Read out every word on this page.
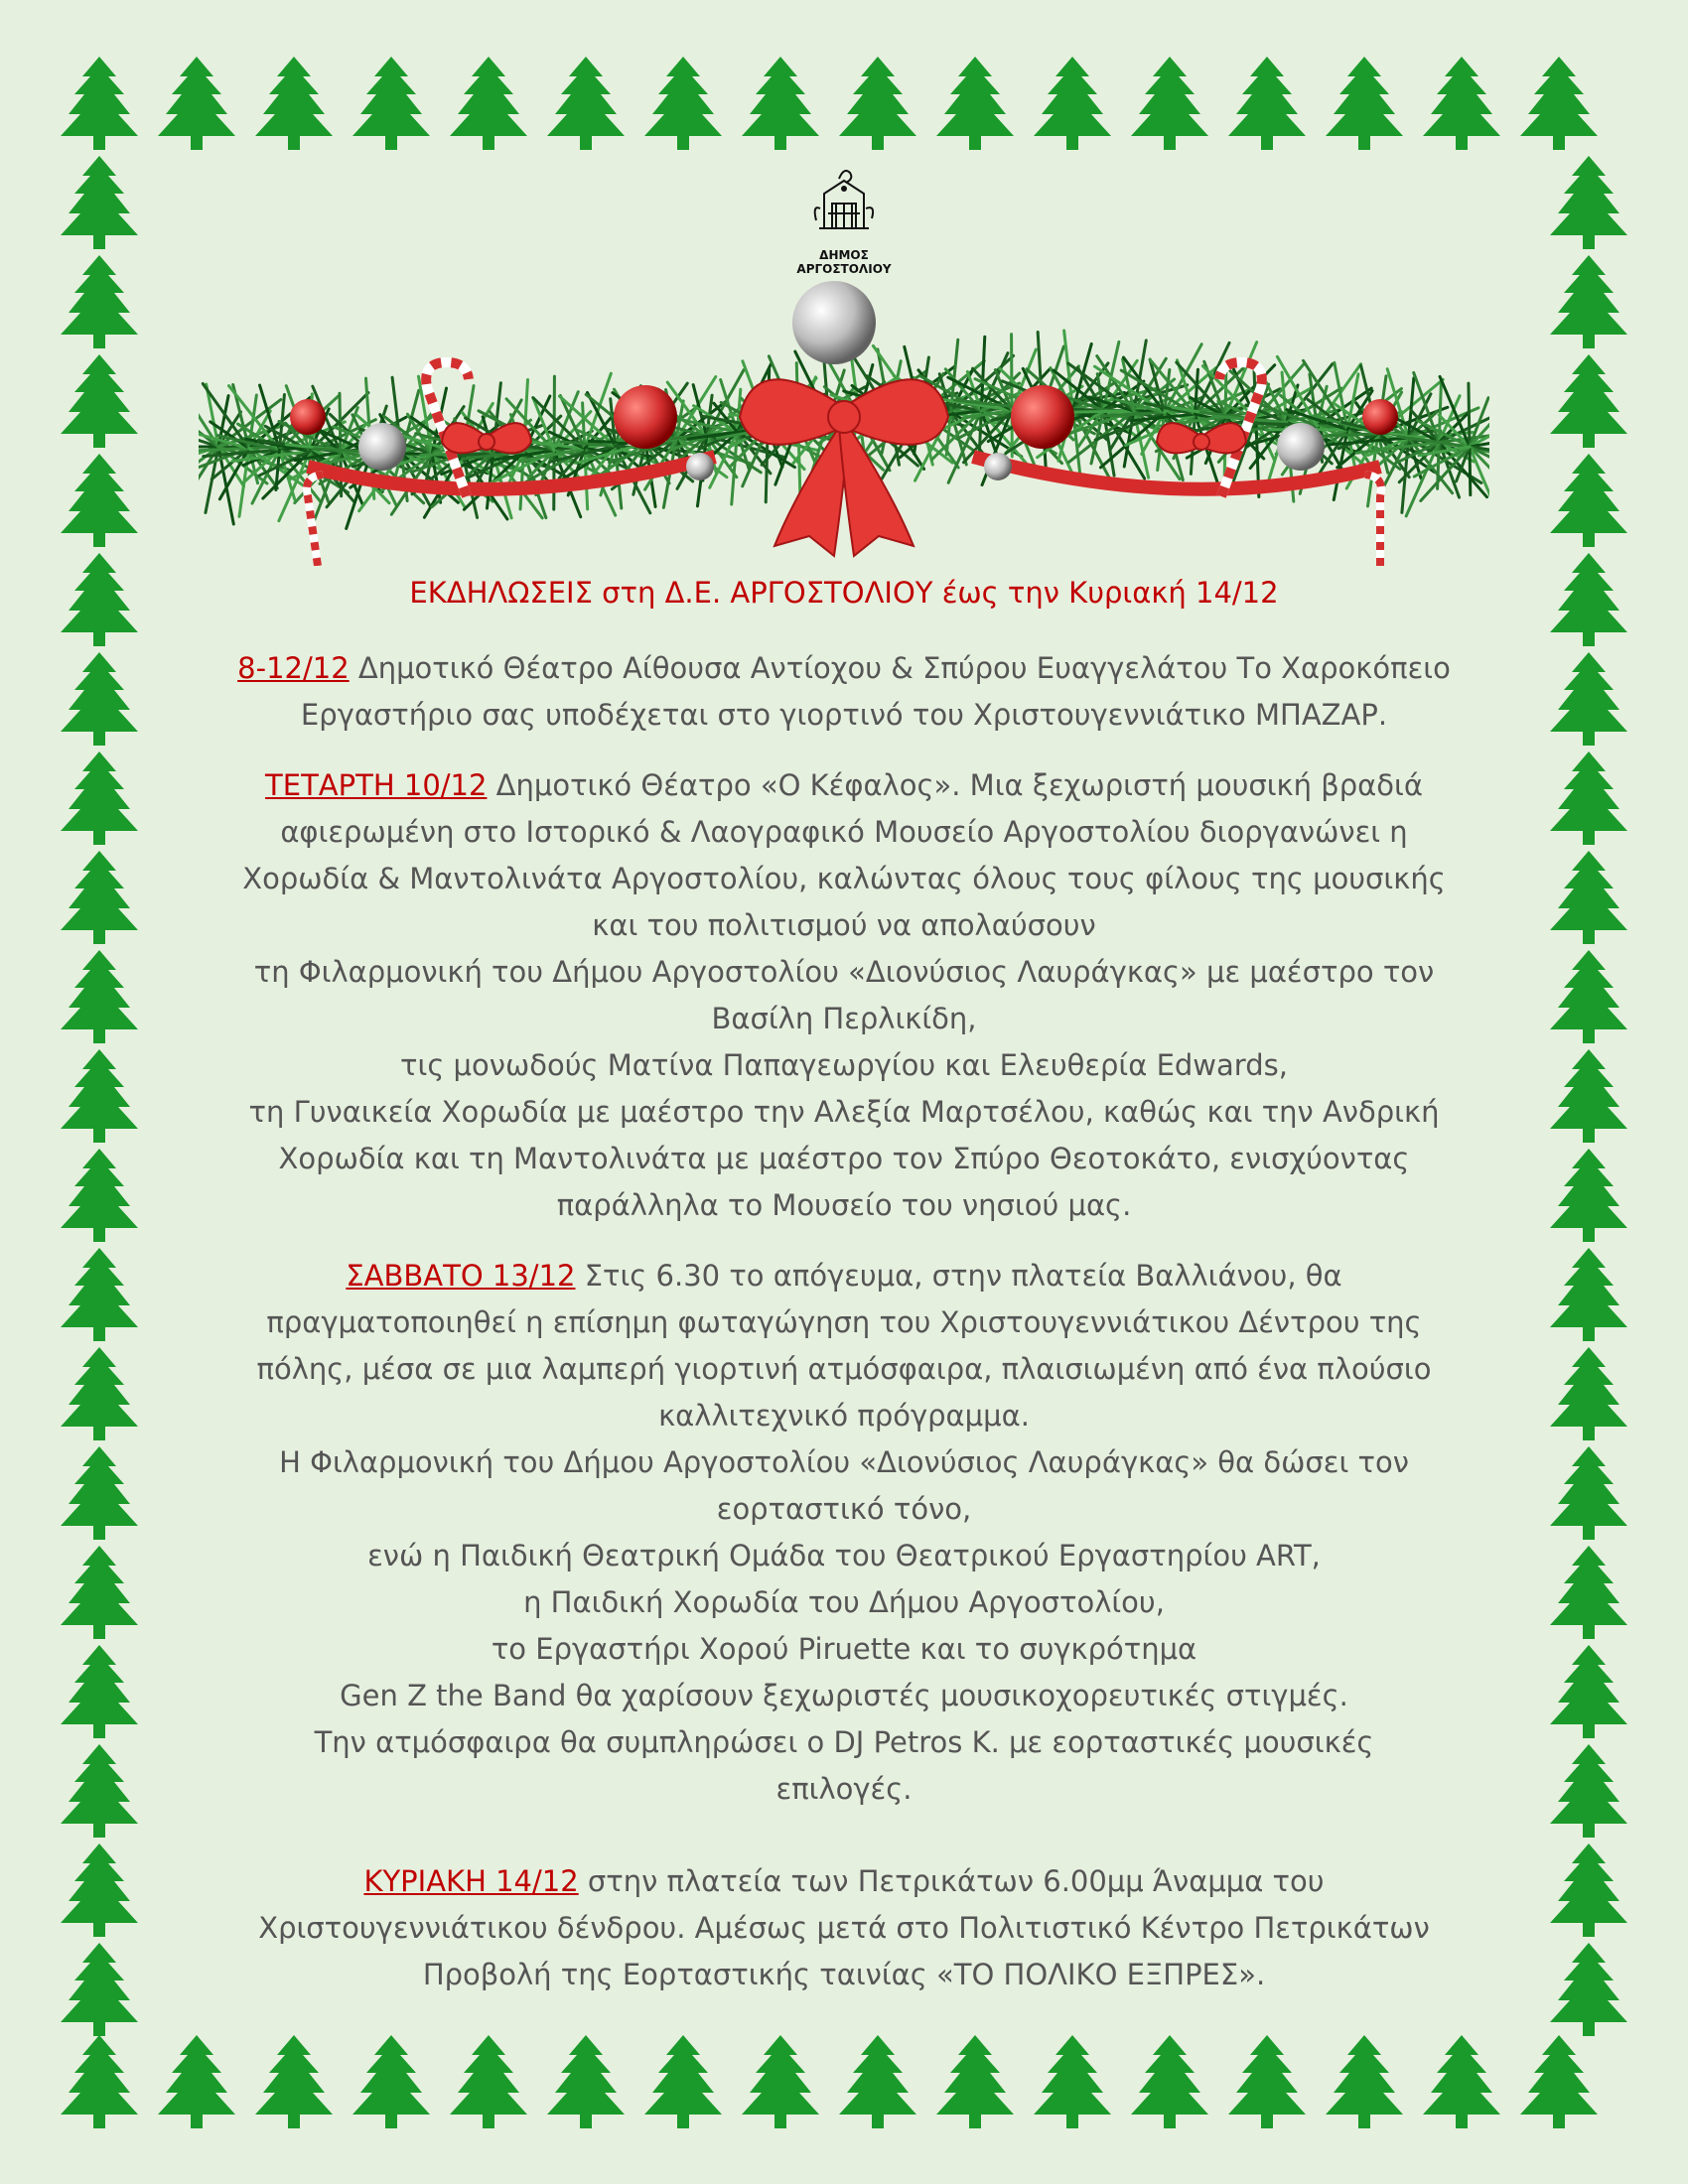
ΔΗΜΟΣ
ΑΡΓΟΣΤΟΛΙΟΥ
ΕΚΔΗΛΩΣΕΙΣ στη Δ.Ε. ΑΡΓΟΣΤΟΛΙΟΥ έως την Κυριακή 14/12

8-12/12 Δημοτικό Θέατρο Αίθουσα Αντίοχου & Σπύρου Ευαγγελάτου Το Χαροκόπειο
Εργαστήριο σας υποδέχεται στο γιορτινό του Χριστουγεννιάτικο ΜΠΑΖΑΡ.

ΤΕΤΑΡΤΗ 10/12 Δημοτικό Θέατρο «Ο Κέφαλος». Μια ξεχωριστή μουσική βραδιά
αφιερωμένη στο Ιστορικό & Λαογραφικό Μουσείο Αργοστολίου διοργανώνει η
Χορωδία & Μαντολινάτα Αργοστολίου, καλώντας όλους τους φίλους της μουσικής
και του πολιτισμού να απολαύσουν
τη Φιλαρμονική του Δήμου Αργοστολίου «Διονύσιος Λαυράγκας» με μαέστρο τον
Βασίλη Περλικίδη,
τις μονωδούς Ματίνα Παπαγεωργίου και Ελευθερία Edwards,
τη Γυναικεία Χορωδία με μαέστρο την Αλεξία Μαρτσέλου, καθώς και την Ανδρική
Χορωδία και τη Μαντολινάτα με μαέστρο τον Σπύρο Θεοτοκάτο, ενισχύοντας
παράλληλα το Μουσείο του νησιού μας.

ΣΑΒΒΑΤΟ 13/12 Στις 6.30 το απόγευμα, στην πλατεία Βαλλιάνου, θα
πραγματοποιηθεί η επίσημη φωταγώγηση του Χριστουγεννιάτικου Δέντρου της
πόλης, μέσα σε μια λαμπερή γιορτινή ατμόσφαιρα, πλαισιωμένη από ένα πλούσιο
καλλιτεχνικό πρόγραμμα.
Η Φιλαρμονική του Δήμου Αργοστολίου «Διονύσιος Λαυράγκας» θα δώσει τον
εορταστικό τόνο,
ενώ η Παιδική Θεατρική Ομάδα του Θεατρικού Εργαστηρίου ART,
η Παιδική Χορωδία του Δήμου Αργοστολίου,
το Εργαστήρι Χορού Piruette και το συγκρότημα
Gen Z the Band θα χαρίσουν ξεχωριστές μουσικοχορευτικές στιγμές.
Την ατμόσφαιρα θα συμπληρώσει ο DJ Petros K. με εορταστικές μουσικές
επιλογές.

ΚΥΡΙΑΚΗ 14/12 στην πλατεία των Πετρικάτων 6.00μμ Άναμμα του
Χριστουγεννιάτικου δένδρου. Αμέσως μετά στο Πολιτιστικό Κέντρο Πετρικάτων
Προβολή της Εορταστικής ταινίας «ΤΟ ΠΟΛΙΚΟ ΕΞΠΡΕΣ».
